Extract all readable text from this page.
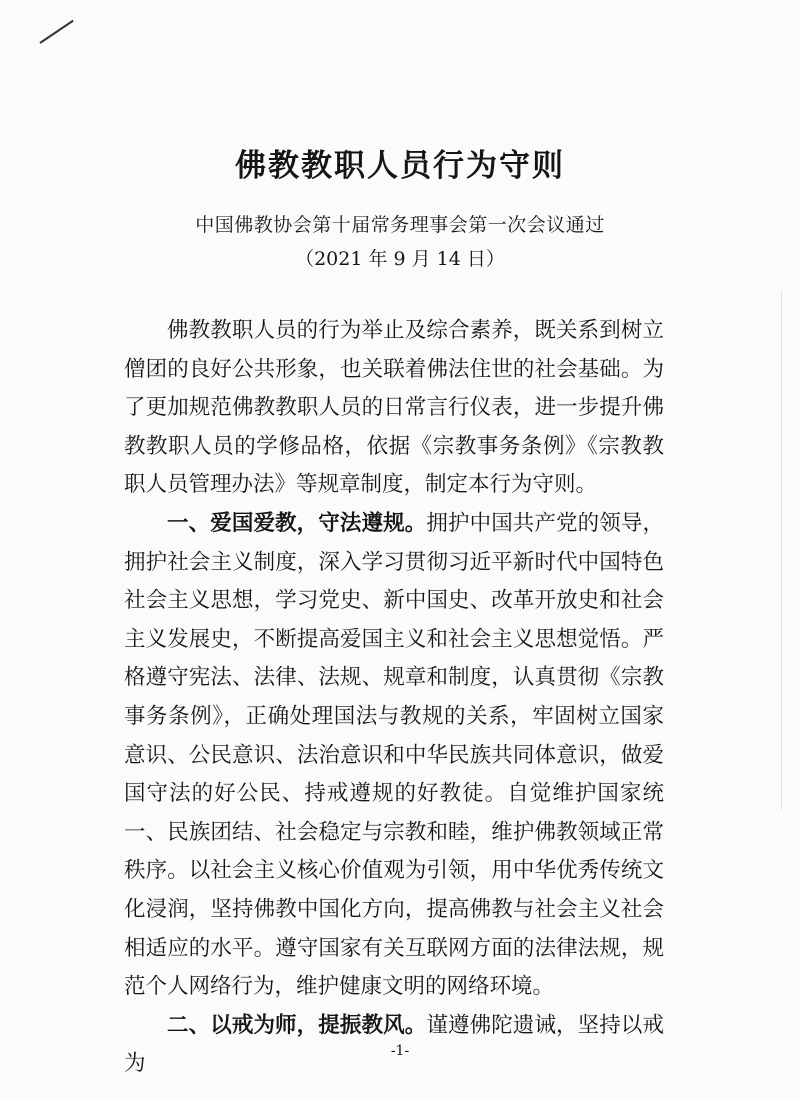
佛教教职人员行为守则

中国佛教协会第十届常务理事会第一次会议通过

（2021 年 9 月 14 日）

佛教教职人员的行为举止及综合素养，既关系到树立僧团的良好公共形象，也关联着佛法住世的社会基础。为了更加规范佛教教职人员的日常言行仪表，进一步提升佛教教职人员的学修品格，依据《宗教事务条例》《宗教教职人员管理办法》等规章制度，制定本行为守则。

一、爱国爱教，守法遵规。拥护中国共产党的领导，拥护社会主义制度，深入学习贯彻习近平新时代中国特色社会主义思想，学习党史、新中国史、改革开放史和社会主义发展史，不断提高爱国主义和社会主义思想觉悟。严格遵守宪法、法律、法规、规章和制度，认真贯彻《宗教事务条例》，正确处理国法与教规的关系，牢固树立国家意识、公民意识、法治意识和中华民族共同体意识，做爱国守法的好公民、持戒遵规的好教徒。自觉维护国家统一、民族团结、社会稳定与宗教和睦，维护佛教领域正常秩序。以社会主义核心价值观为引领，用中华优秀传统文化浸润，坚持佛教中国化方向，提高佛教与社会主义社会相适应的水平。遵守国家有关互联网方面的法律法规，规范个人网络行为，维护健康文明的网络环境。

二、以戒为师，提振教风。谨遵佛陀遗诫，坚持以戒为

-1-
